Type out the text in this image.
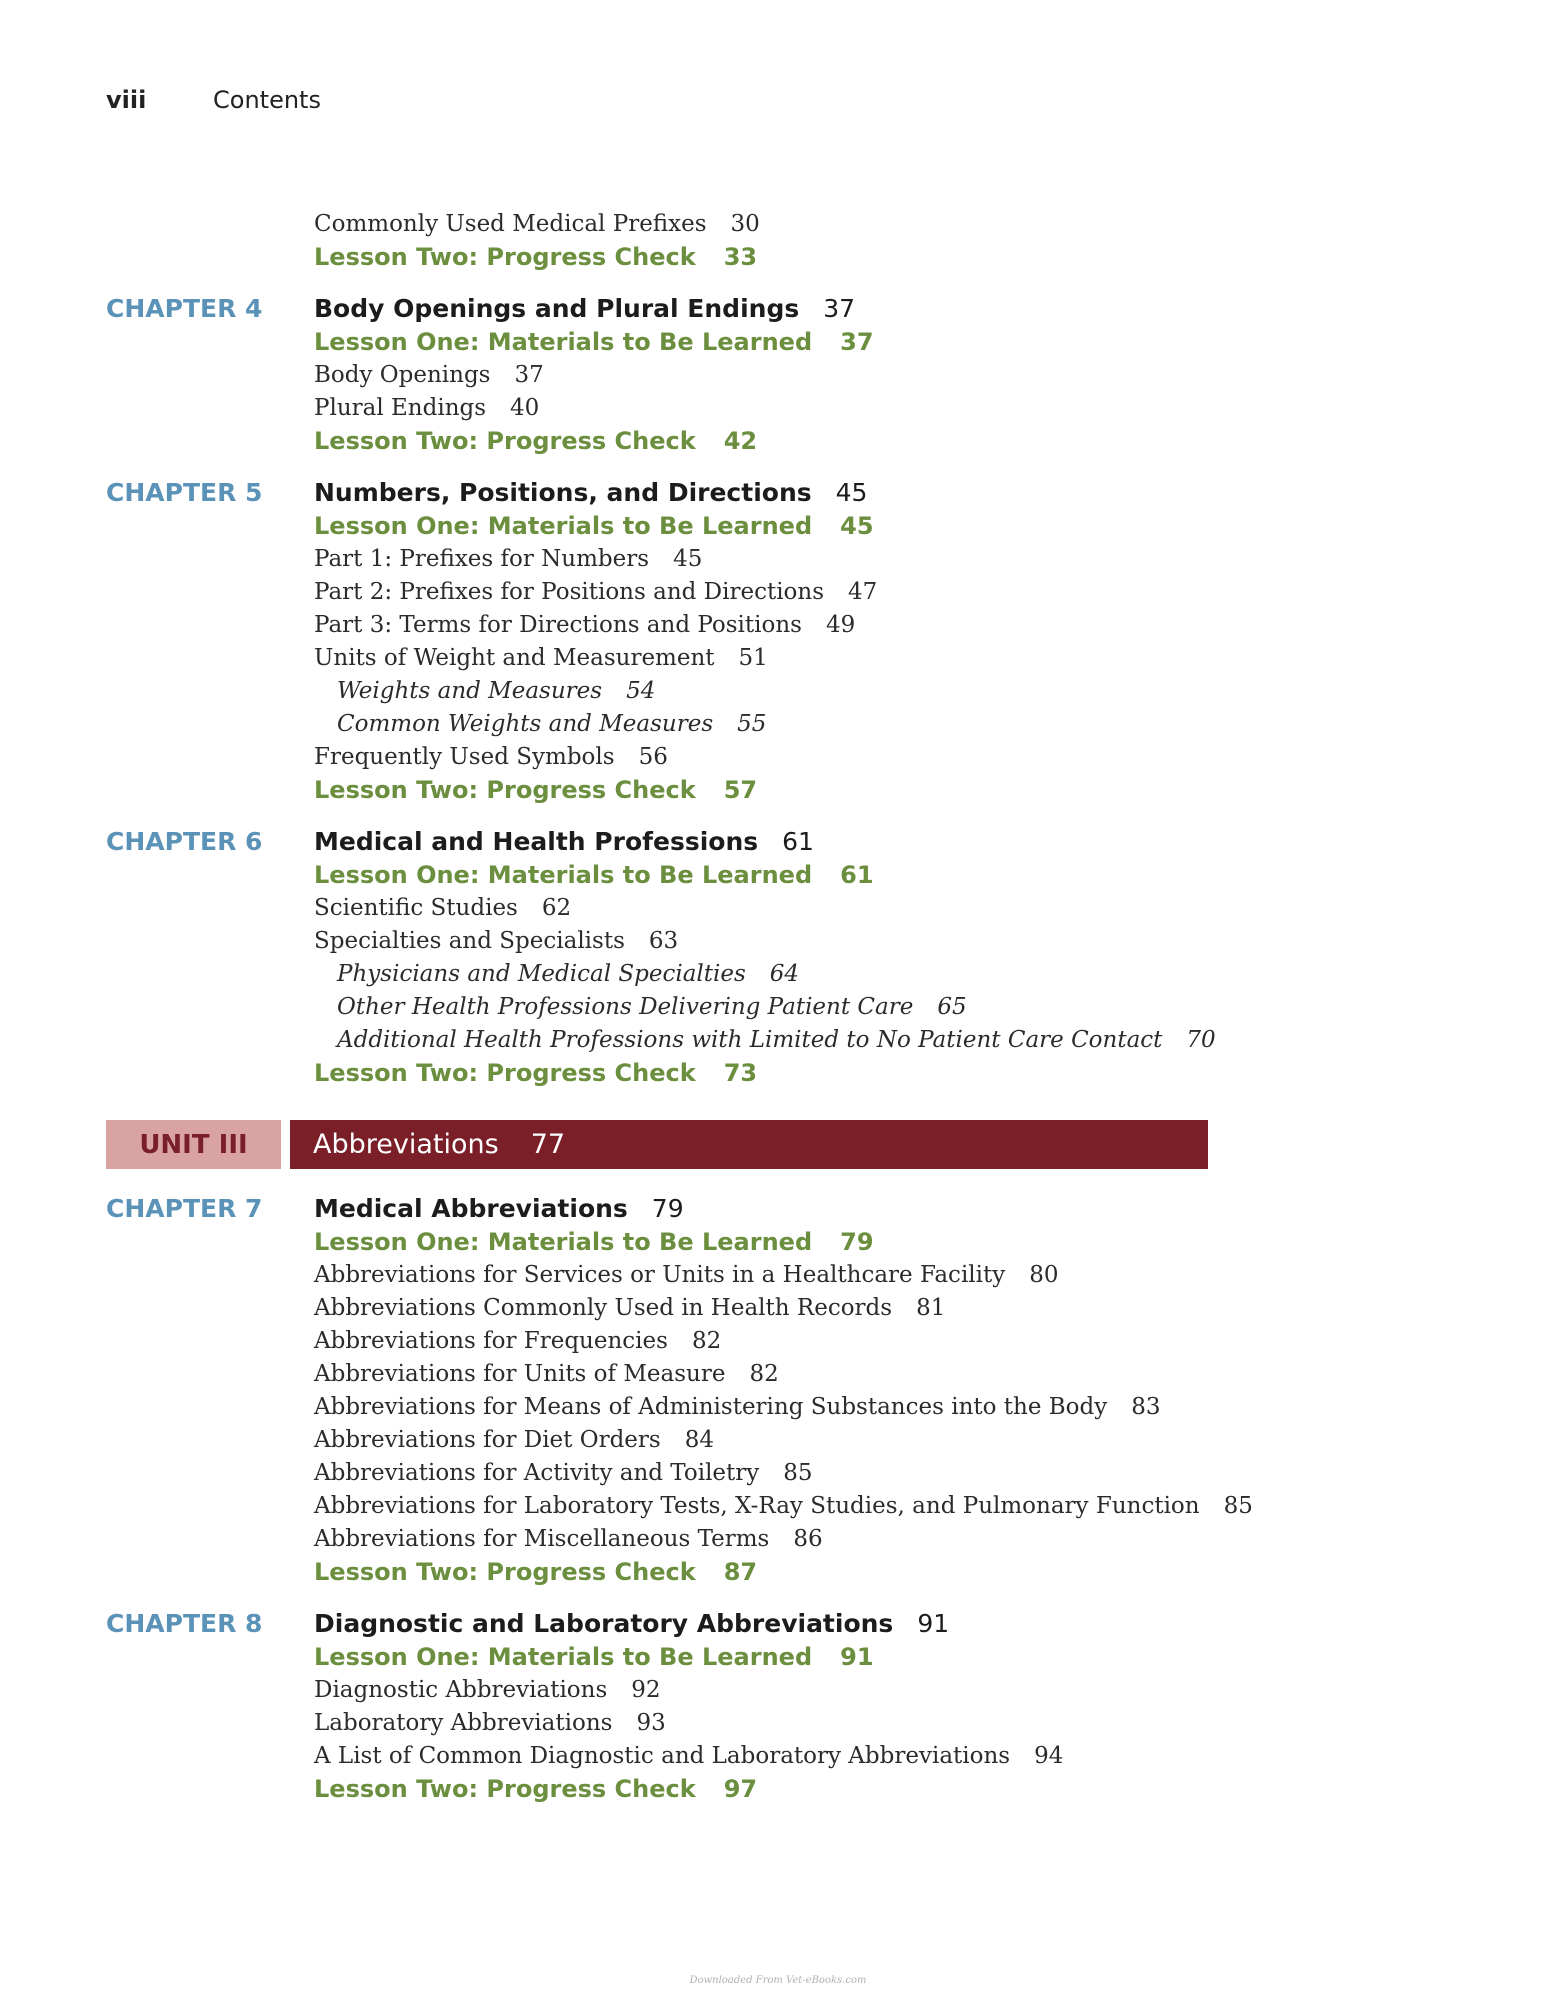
viii	Contents
Commonly Used Medical Prefixes 30
Lesson Two: Progress Check 33
CHAPTER 4	Body Openings and Plural Endings 37
Lesson One: Materials to Be Learned 37
Body Openings 37
Plural Endings 40
Lesson Two: Progress Check 42
CHAPTER 5	Numbers, Positions, and Directions 45
Lesson One: Materials to Be Learned 45
Part 1: Prefixes for Numbers 45
Part 2: Prefixes for Positions and Directions 47
Part 3: Terms for Directions and Positions 49
Units of Weight and Measurement 51
Weights and Measures 54
Common Weights and Measures 55
Frequently Used Symbols 56
Lesson Two: Progress Check 57
CHAPTER 6	Medical and Health Professions 61
Lesson One: Materials to Be Learned 61
Scientific Studies 62
Specialties and Specialists 63
Physicians and Medical Specialties 64
Other Health Professions Delivering Patient Care 65
Additional Health Professions with Limited to No Patient Care Contact 70
Lesson Two: Progress Check 73
UNIT III	Abbreviations 77
CHAPTER 7	Medical Abbreviations 79
Lesson One: Materials to Be Learned 79
Abbreviations for Services or Units in a Healthcare Facility 80
Abbreviations Commonly Used in Health Records 81
Abbreviations for Frequencies 82
Abbreviations for Units of Measure 82
Abbreviations for Means of Administering Substances into the Body 83
Abbreviations for Diet Orders 84
Abbreviations for Activity and Toiletry 85
Abbreviations for Laboratory Tests, X-Ray Studies, and Pulmonary Function 85
Abbreviations for Miscellaneous Terms 86
Lesson Two: Progress Check 87
CHAPTER 8	Diagnostic and Laboratory Abbreviations 91
Lesson One: Materials to Be Learned 91
Diagnostic Abbreviations 92
Laboratory Abbreviations 93
A List of Common Diagnostic and Laboratory Abbreviations 94
Lesson Two: Progress Check 97
Downloaded From Vet-eBooks.com
